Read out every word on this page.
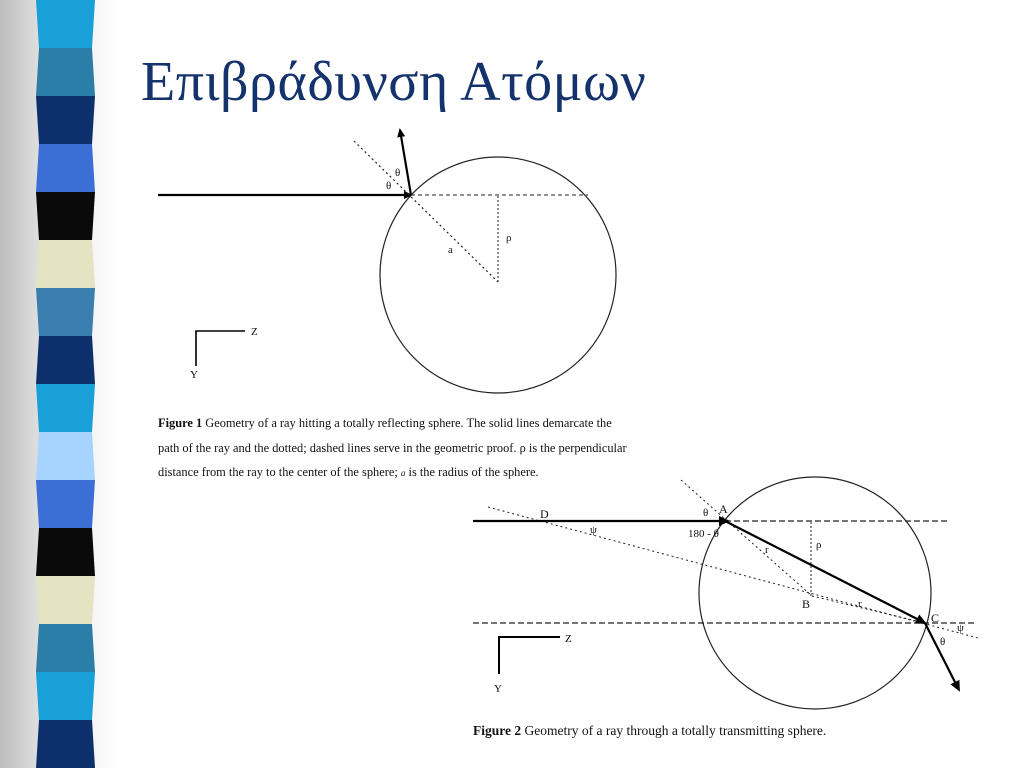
Επιβράδυνση Ατόμων
θ
θ
ρ
a
Z
Y
Figure 1 Geometry of a ray hitting a totally reflecting sphere. The solid lines demarcate the path of the ray and the dotted; dashed lines serve in the geometric proof. ρ is the perpendicular distance from the ray to the center of the sphere; a is the radius of the sphere.
A
B
C
D	θ
180 - θ
r
r
ρ
ψ
ψ
θ
Z
Y
Figure 2 Geometry of a ray through a totally transmitting sphere.
